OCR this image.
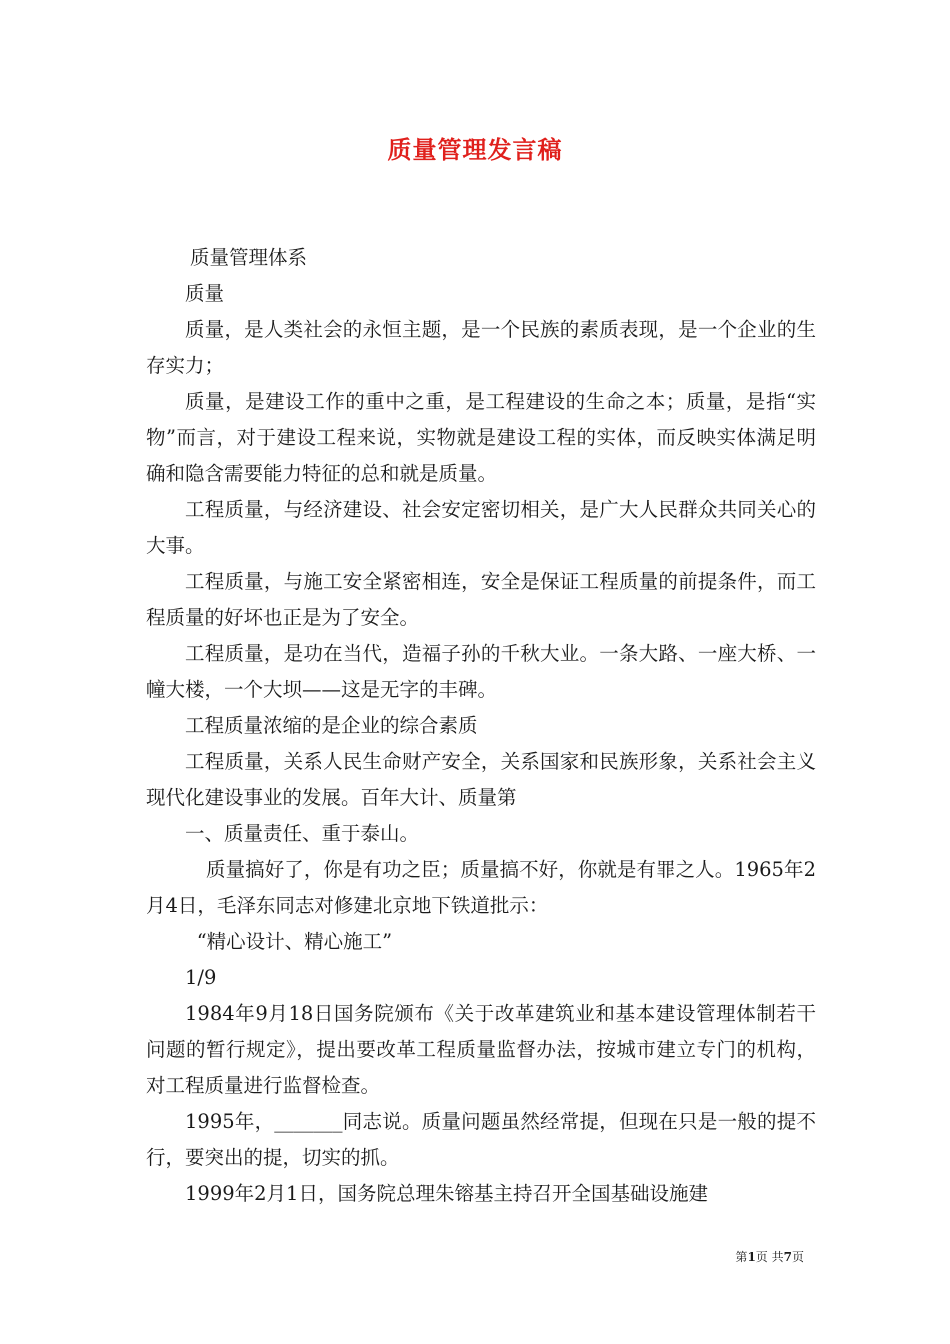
质量管理发言稿

质量管理体系

质量

质量，是人类社会的永恒主题，是一个民族的素质表现，是一个企业的生存实力；

质量，是建设工作的重中之重，是工程建设的生命之本；质量，是指“实物”而言，对于建设工程来说，实物就是建设工程的实体，而反映实体满足明确和隐含需要能力特征的总和就是质量。

工程质量，与经济建设、社会安定密切相关，是广大人民群众共同关心的大事。

工程质量，与施工安全紧密相连，安全是保证工程质量的前提条件，而工程质量的好坏也正是为了安全。

工程质量，是功在当代，造福子孙的千秋大业。一条大路、一座大桥、一幢大楼，一个大坝——这是无字的丰碑。

工程质量浓缩的是企业的综合素质

工程质量，关系人民生命财产安全，关系国家和民族形象，关系社会主义现代化建设事业的发展。百年大计、质量第

一、质量责任、重于泰山。

质量搞好了，你是有功之臣；质量搞不好，你就是有罪之人。1965年2月4日，毛泽东同志对修建北京地下铁道批示：

“精心设计、精心施工”

1/9

1984年9月18日国务院颁布《关于改革建筑业和基本建设管理体制若干问题的暂行规定》，提出要改革工程质量监督办法，按城市建立专门的机构，对工程质量进行监督检查。

1995年，_______同志说。质量问题虽然经常提，但现在只是一般的提不行，要突出的提，切实的抓。

1999年2月1日，国务院总理朱镕基主持召开全国基础设施建

第1页 共7页
